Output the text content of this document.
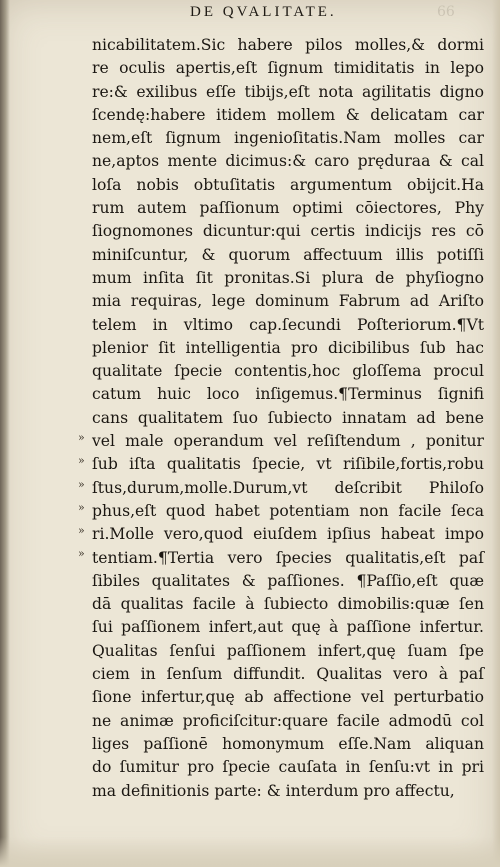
DE QVALITATE.	66
nicabilitatem.Sic habere pilos molles,& dormi
re oculis apertis,eſt ſignum timiditatis in lepo
re:& exilibus eſſe tibijs,eſt nota agilitatis digno
ſcendę:habere itidem mollem & delicatam car
nem,eſt ſignum ingenioſitatis.Nam molles car
ne,aptos mente dicimus:& caro pręduraa & cal
loſa nobis obtuſitatis argumentum obijcit.Ha
rum autem paſſionum optimi cōiectores, Phy
ſiognomones dicuntur:qui certis indicijs res cō
miniſcuntur, & quorum affectuum illis potiſſi
mum inſita ſit pronitas.Si plura de phyſiogno
mia requiras, lege dominum Fabrum ad Ariſto
telem in vltimo cap.ſecundi Poſteriorum.¶Vt
plenior ſit intelligentia pro dicibilibus ſub hac
qualitate ſpecie contentis,hoc gloſſema procul
catum huic loco inſigemus.¶Terminus ſignifi
cans qualitatem ſuo ſubiecto innatam ad bene
vel male operandum vel reſiſtendum , ponitur
ſub iſta qualitatis ſpecie, vt riſibile,fortis,robu
ſtus,durum,molle.Durum,vt deſcribit Philoſo
phus,eſt quod habet potentiam non facile ſeca
ri.Molle vero,quod eiuſdem ipſius habeat impo
tentiam.¶Tertia vero ſpecies qualitatis,eſt paſ
ſibiles qualitates & paſſiones. ¶Paſſio,eſt quæ
dā qualitas facile à ſubiecto dimobilis:quæ ſen
ſui paſſionem infert,aut quę à paſſione infertur.
Qualitas ſenſui paſſionem infert,quę ſuam ſpe
ciem in ſenſum diffundit. Qualitas vero à paſ
ſione infertur,quę ab affectione vel perturbatio
ne animæ proficiſcitur:quare facile admodū col
liges paſſionē homonymum eſſe.Nam aliquan
do ſumitur pro ſpecie cauſata in ſenſu:vt in pri
ma definitionis parte: & interdum pro affectu,
»
»
»
»
»
»
